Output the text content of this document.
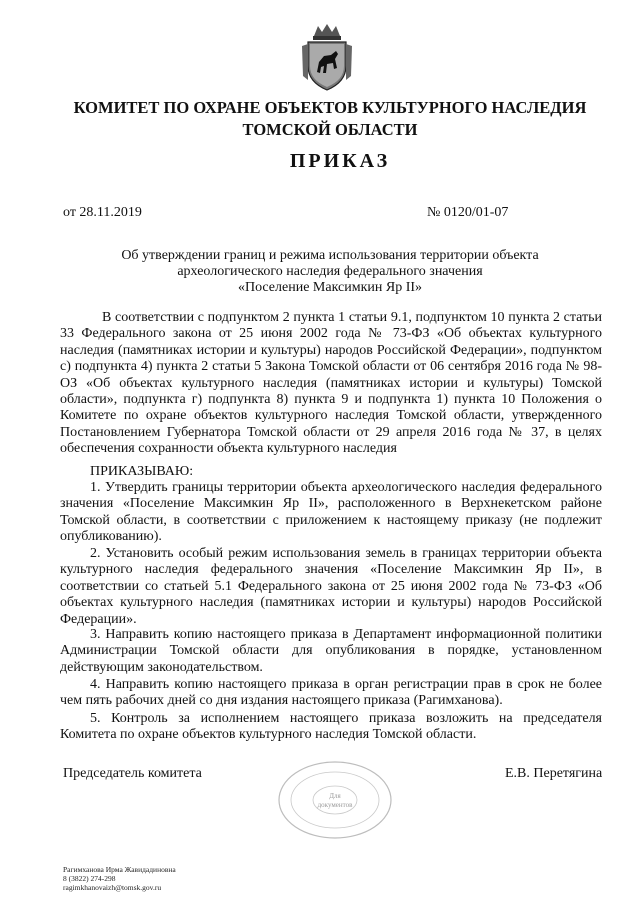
КОМИТЕТ ПО ОХРАНЕ ОБЪЕКТОВ КУЛЬТУРНОГО НАСЛЕДИЯ
ТОМСКОЙ ОБЛАСТИ
ПРИКАЗ
от 28.11.2019	№ 0120/01-07
Об утверждении границ и режима использования территории объекта
археологического наследия федерального значения
«Поселение Максимкин Яр II»

В соответствии с подпунктом 2 пункта 1 статьи 9.1, подпунктом 10 пункта 2 статьи 33 Федерального закона от 25 июня 2002 года № 73-ФЗ «Об объектах культурного наследия (памятниках истории и культуры) народов Российской Федерации», подпунктом с) подпункта 4) пункта 2 статьи 5 Закона Томской области от 06 сентября 2016 года № 98-ОЗ «Об объектах культурного наследия (памятниках истории и культуры) Томской области», подпункта г) подпункта 8) пункта 9 и подпункта 1) пункта 10 Положения о Комитете по охране объектов культурного наследия Томской области, утвержденного Постановлением Губернатора Томской области от 29 апреля 2016 года № 37, в целях обеспечения сохранности объекта культурного наследия

ПРИКАЗЫВАЮ:

1. Утвердить границы территории объекта археологического наследия федерального значения «Поселение Максимкин Яр II», расположенного в Верхнекетском районе Томской области, в соответствии с приложением к настоящему приказу (не подлежит опубликованию).

2. Установить особый режим использования земель в границах территории объекта культурного наследия федерального значения «Поселение Максимкин Яр II», в соответствии со статьей 5.1 Федерального закона от 25 июня 2002 года № 73-ФЗ «Об объектах культурного наследия (памятниках истории и культуры) народов Российской Федерации».

3. Направить копию настоящего приказа в Департамент информационной политики Администрации Томской области для опубликования в порядке, установленном действующим законодательством.

4. Направить копию настоящего приказа в орган регистрации прав в срок не более чем пять рабочих дней со дня издания настоящего приказа (Рагимханова).

5. Контроль за исполнением настоящего приказа возложить на председателя Комитета по охране объектов культурного наследия Томской области.

Председатель комитета	Е.В. Перетягина
Для
документов
Рагимханова Ирма Жавидадиновна
8 (3822) 274-298
ragimkhanovaizh@tomsk.gov.ru
